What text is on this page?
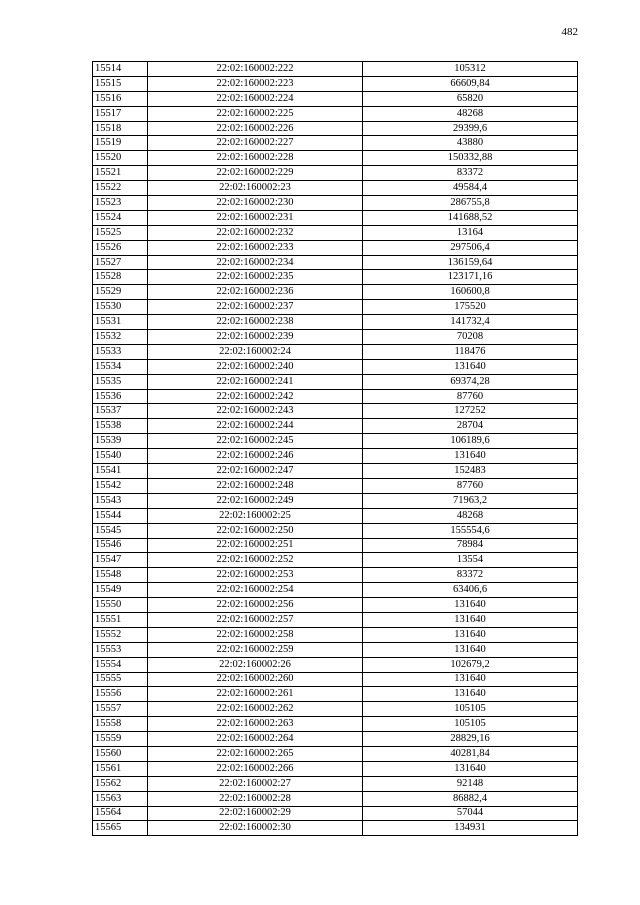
482
15514	22:02:160002:222	105312
15515	22:02:160002:223	66609,84
15516	22:02:160002:224	65820
15517	22:02:160002:225	48268
15518	22:02:160002:226	29399,6
15519	22:02:160002:227	43880
15520	22:02:160002:228	150332,88
15521	22:02:160002:229	83372
15522	22:02:160002:23	49584,4
15523	22:02:160002:230	286755,8
15524	22:02:160002:231	141688,52
15525	22:02:160002:232	13164
15526	22:02:160002:233	297506,4
15527	22:02:160002:234	136159,64
15528	22:02:160002:235	123171,16
15529	22:02:160002:236	160600,8
15530	22:02:160002:237	175520
15531	22:02:160002:238	141732,4
15532	22:02:160002:239	70208
15533	22:02:160002:24	118476
15534	22:02:160002:240	131640
15535	22:02:160002:241	69374,28
15536	22:02:160002:242	87760
15537	22:02:160002:243	127252
15538	22:02:160002:244	28704
15539	22:02:160002:245	106189,6
15540	22:02:160002:246	131640
15541	22:02:160002:247	152483
15542	22:02:160002:248	87760
15543	22:02:160002:249	71963,2
15544	22:02:160002:25	48268
15545	22:02:160002:250	155554,6
15546	22:02:160002:251	78984
15547	22:02:160002:252	13554
15548	22:02:160002:253	83372
15549	22:02:160002:254	63406,6
15550	22:02:160002:256	131640
15551	22:02:160002:257	131640
15552	22:02:160002:258	131640
15553	22:02:160002:259	131640
15554	22:02:160002:26	102679,2
15555	22:02:160002:260	131640
15556	22:02:160002:261	131640
15557	22:02:160002:262	105105
15558	22:02:160002:263	105105
15559	22:02:160002:264	28829,16
15560	22:02:160002:265	40281,84
15561	22:02:160002:266	131640
15562	22:02:160002:27	92148
15563	22:02:160002:28	86882,4
15564	22:02:160002:29	57044
15565	22:02:160002:30	134931
